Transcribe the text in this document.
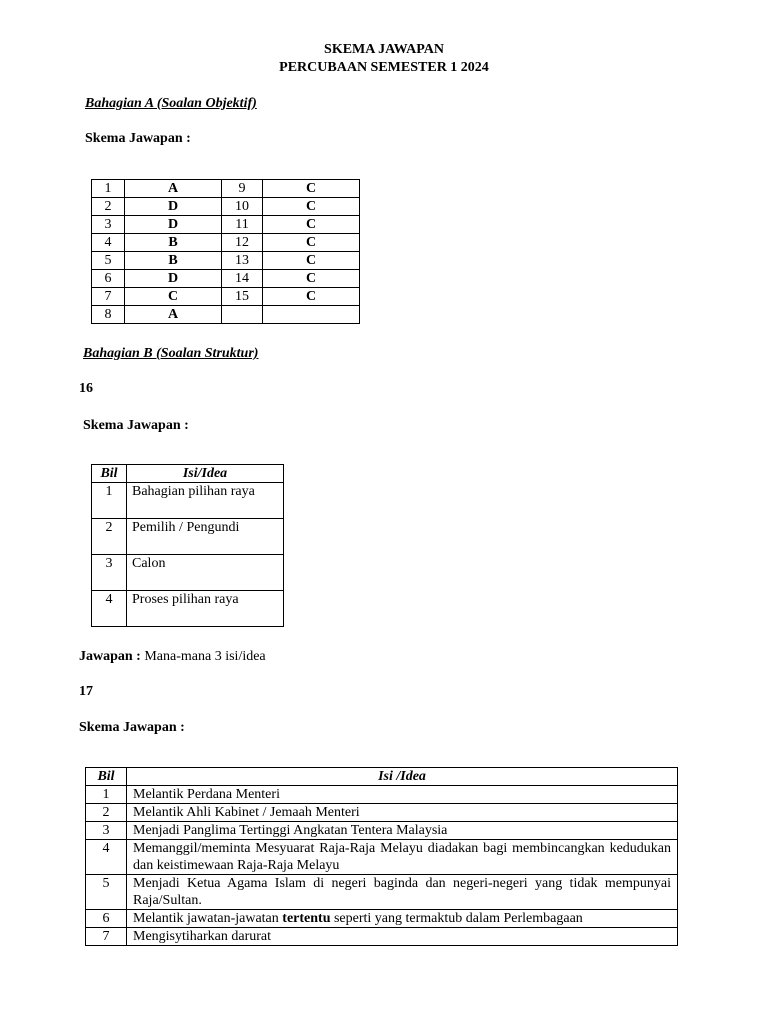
SKEMA JAWAPAN
PERCUBAAN SEMESTER 1 2024
Bahagian A (Soalan Objektif)
Skema Jawapan :
1	A	9	C
2	D	10	C
3	D	11	C
4	B	12	C
5	B	13	C
6	D	14	C
7	C	15	C
8	A		
Bahagian B (Soalan Struktur)
16
Skema Jawapan :
Bil	Isi/Idea
1	Bahagian pilihan raya
2	Pemilih / Pengundi
3	Calon
4	Proses pilihan raya
Jawapan : Mana-mana 3 isi/idea
17
Skema Jawapan :
Bil	Isi /Idea
1	Melantik Perdana Menteri
2	Melantik Ahli Kabinet / Jemaah Menteri
3	Menjadi Panglima Tertinggi Angkatan Tentera Malaysia
4	Memanggil/meminta Mesyuarat Raja-Raja Melayu diadakan bagi membincangkan kedudukan dan keistimewaan Raja-Raja Melayu
5	Menjadi Ketua Agama Islam di negeri baginda dan negeri-negeri yang tidak mempunyai Raja/Sultan.
6	Melantik jawatan-jawatan tertentu seperti yang termaktub dalam Perlembagaan
7	Mengisytiharkan darurat
